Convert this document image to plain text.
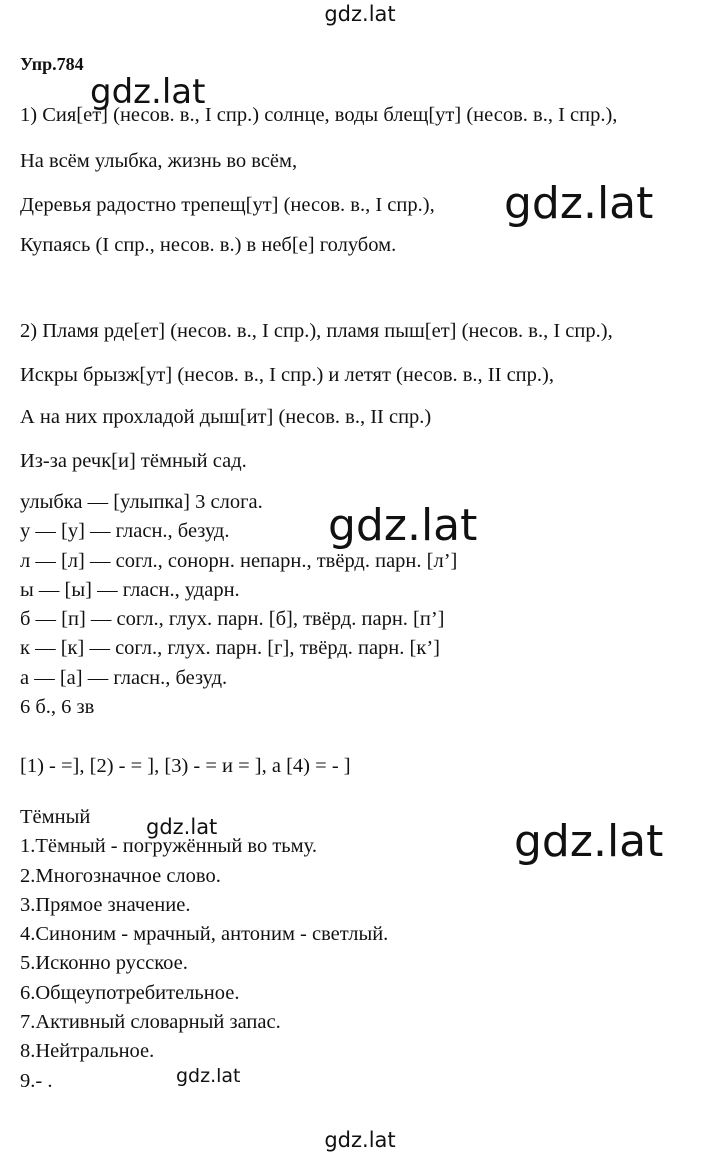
gdz.lat
Упр.784
1) Сия[ет] (несов. в., I спр.) солнце, воды блещ[ут] (несов. в., I спр.),
На всём улыбка, жизнь во всём,
Деревья радостно трепещ[ут] (несов. в., I спр.),
Купаясь (I спр., несов. в.) в неб[е] голубом.
2) Пламя рде[ет] (несов. в., I спр.), пламя пыш[ет] (несов. в., I спр.),
Искры брызж[ут] (несов. в., I спр.) и летят (несов. в., II спр.),
А на них прохладой дыш[ит] (несов. в., II спр.)
Из-за речк[и] тёмный сад.
улыбка — [улыпка] 3 слога.
у — [у] — гласн., безуд.
л — [л] — согл., сонорн. непарн., твёрд. парн. [л’]
ы — [ы] — гласн., ударн.
б — [п] — согл., глух. парн. [б], твёрд. парн. [п’]
к — [к] — согл., глух. парн. [г], твёрд. парн. [к’]
а — [а] — гласн., безуд.
6 б., 6 зв
[1) - =], [2) - = ], [3) - = и = ], а [4) = - ]
Тёмный
1.Тёмный - погружённый во тьму.
2.Многозначное слово.
3.Прямое значение.
4.Синоним - мрачный, антоним - светлый.
5.Исконно русское.
6.Общеупотребительное.
7.Активный словарный запас.
8.Нейтральное.
9.- .
gdz.lat
gdz.lat
gdz.lat
gdz.lat	gdz.lat
gdz.lat
gdz.lat
